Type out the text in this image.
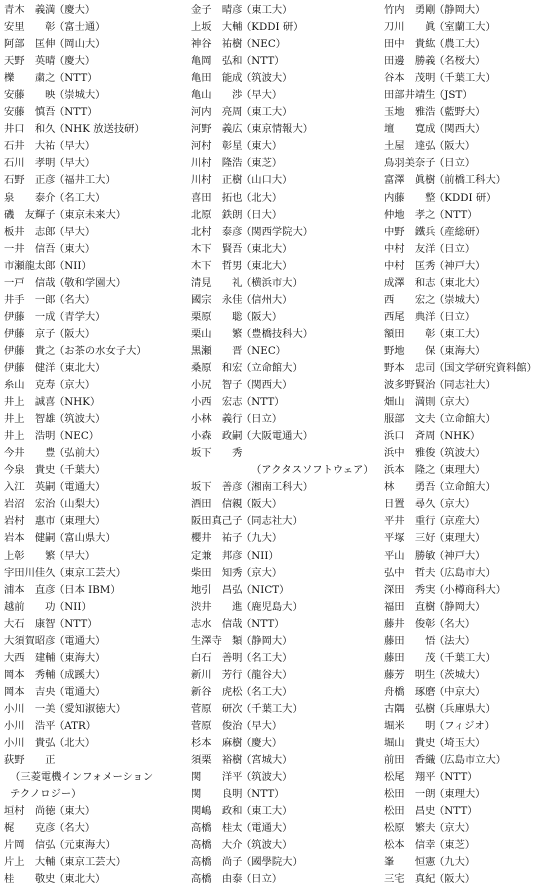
青木　義満
（慶大）
安里　　彰
（富士通）
阿部　匡伸
（岡山大）
天野　英晴
（慶大）
櫟　　粛之
（NTT）
安藤　　映
（崇城大）
安藤　慎吾
（NTT）
井口　和久
（NHK 放送技研）
石井　大祐
（早大）
石川　孝明
（早大）
石野　正彦
（福井工大）
泉　　泰介
（名工大）
磯　友輝子
（東京未来大）
板井　志郎
（早大）
一井　信吾
（東大）
市瀬龍太郎
（NII）
一戸　信哉
（敬和学園大）
井手　一郎
（名大）
伊藤　一成
（青学大）
伊藤　京子
（阪大）
伊藤　貴之
（お茶の水女子大）
伊藤　健洋
（東北大）
糸山　克寿
（京大）
井上　誠喜
（NHK）
井上　智雄
（筑波大）
井上　浩明
（NEC）
今井　　豊
（弘前大）
今泉　貴史
（千葉大）
入江　英嗣
（電通大）
岩沼　宏治
（山梨大）
岩村　惠市
（東理大）
岩本　健嗣
（富山県大）
上彰　　繁
（早大）
宇田川佳久
（東京工芸大）
浦本　直彦
（日本 IBM）
越前　　功
（NII）
大石　康智
（NTT）
大須賀昭彦
（電通大）
大西　建輔
（東海大）
岡本　秀輔
（成蹊大）
岡本　吉央
（電通大）
小川　一美
（愛知淑徳大）
小川　浩平
（ATR）
小川　貴弘
（北大）
荻野　　正
（三菱電機インフォメーション
テクノロジー）
垣村　尚徳
（東大）
梶　　克彦
（名大）
片岡　信弘
（元東海大）
片上　大輔
（東京工芸大）
桂　　敬史
（東北大）
金子　晴彦
（東工大）
上坂　大輔
（KDDI 研）
神谷　祐樹
（NEC）
亀岡　弘和
（NTT）
亀田　能成
（筑波大）
亀山　　渉
（早大）
河内　亮周
（東工大）
河野　義広
（東京情報大）
河村　彰星
（東大）
川村　隆浩
（東芝）
川村　正樹
（山口大）
喜田　拓也
（北大）
北原　鉄朗
（日大）
北村　泰彦
（関西学院大）
木下　賢吾
（東北大）
木下　哲男
（東北大）
清見　　礼
（横浜市大）
國宗　永佳
（信州大）
栗原　　聡
（阪大）
栗山　　繁
（豊橋技科大）
黒瀬　　晋
（NEC）
桑原　和宏
（立命館大）
小尻　智子
（関西大）
小西　宏志
（NTT）
小林　義行
（日立）
小森　政嗣
（大阪電通大）
坂下　　秀
（アクタスソフトウェア）
坂下　善彦
（湘南工科大）
酒田　信親
（阪大）
阪田真己子
（同志社大）
櫻井　祐子
（九大）
定兼　邦彦
（NII）
柴田　知秀
（京大）
地引　昌弘
（NICT）
渋井　　進
（鹿児島大）
志水　信哉
（NTT）
生澤寺　類
（静岡大）
白石　善明
（名工大）
新川　芳行
（龍谷大）
新谷　虎松
（名工大）
菅原　研次
（千葉工大）
菅原　俊治
（早大）
杉本　麻樹
（慶大）
須栗　裕樹
（宮城大）
関　　洋平
（筑波大）
関　　良明
（NTT）
関嶋　政和
（東工大）
高橋　桂太
（電通大）
高橋　大介
（筑波大）
高橋　尚子
（國學院大）
高橋　由泰
（日立）
竹内　勇剛
（静岡大）
刀川　　眞
（室蘭工大）
田中　貴紘
（農工大）
田邊　勝義
（名桜大）
谷本　茂明
（千葉工大）
田部井靖生
（JST）
玉地　雅浩
（藍野大）
壇　　寛成
（関西大）
土屋　達弘
（阪大）
鳥羽美奈子
（日立）
富澤　眞樹
（前橋工科大）
内藤　　整
（KDDI 研）
仲地　孝之
（NTT）
中野　鐵兵
（産総研）
中村　友洋
（日立）
中村　匡秀
（神戸大）
成澤　和志
（東北大）
西　　宏之
（崇城大）
西尾　典洋
（日立）
額田　　彰
（東工大）
野地　　保
（東海大）
野本　忠司
（国文学研究資料館）
波多野賢治
（同志社大）
畑山　満則
（京大）
服部　文夫
（立命館大）
浜口　斉周
（NHK）
浜中　雅俊
（筑波大）
浜本　隆之
（東理大）
林　　勇吾
（立命館大）
日置　尋久
（京大）
平井　重行
（京産大）
平塚　三好
（東理大）
平山　勝敏
（神戸大）
弘中　哲夫
（広島市大）
深田　秀実
（小樽商科大）
福田　直樹
（静岡大）
藤井　俊彰
（名大）
藤田　　悟
（法大）
藤田　　茂
（千葉工大）
藤芳　明生
（茨城大）
舟橋　琢磨
（中京大）
古隅　弘樹
（兵庫県大）
堀米　　明
（フィジオ）
堀山　貴史
（埼玉大）
前田　香織
（広島市立大）
松尾　翔平
（NTT）
松田　一朗
（東理大）
松田　昌史
（NTT）
松原　繁夫
（京大）
松本　信幸
（東芝）
峯　　恒憲
（九大）
三宅　真紀
（阪大）
